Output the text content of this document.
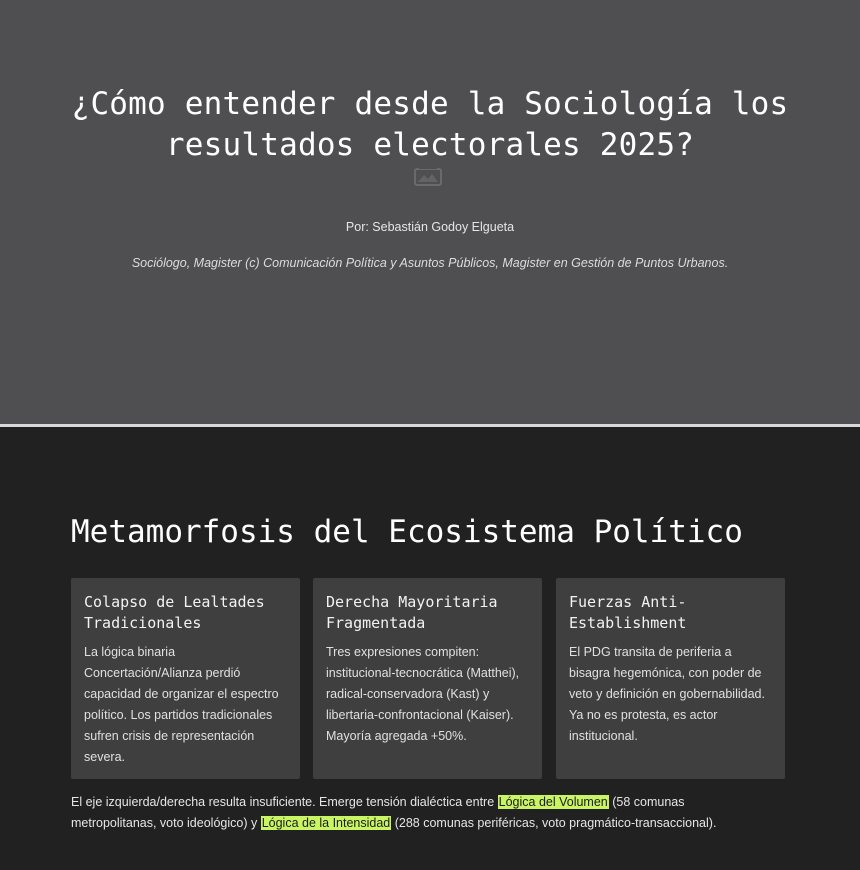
¿Cómo entender desde la Sociología los resultados electorales 2025?
Por: Sebastián Godoy Elgueta
Sociólogo, Magister (c) Comunicación Política y Asuntos Públicos, Magister en Gestión de Puntos Urbanos.
Metamorfosis del Ecosistema Político
Colapso de Lealtades Tradicionales

La lógica binaria Concertación/Alianza perdió capacidad de organizar el espectro político. Los partidos tradicionales sufren crisis de representación severa.

Derecha Mayoritaria Fragmentada

Tres expresiones compiten: institucional-tecnocrática (Matthei), radical-conservadora (Kast) y libertaria-confrontacional (Kaiser). Mayoría agregada +50%.

Fuerzas Anti-Establishment

El PDG transita de periferia a bisagra hegemónica, con poder de veto y definición en gobernabilidad. Ya no es protesta, es actor institucional.

El eje izquierda/derecha resulta insuficiente. Emerge tensión dialéctica entre Lógica del Volumen (58 comunas metropolitanas, voto ideológico) y Lógica de la Intensidad (288 comunas periféricas, voto pragmático-transaccional).
